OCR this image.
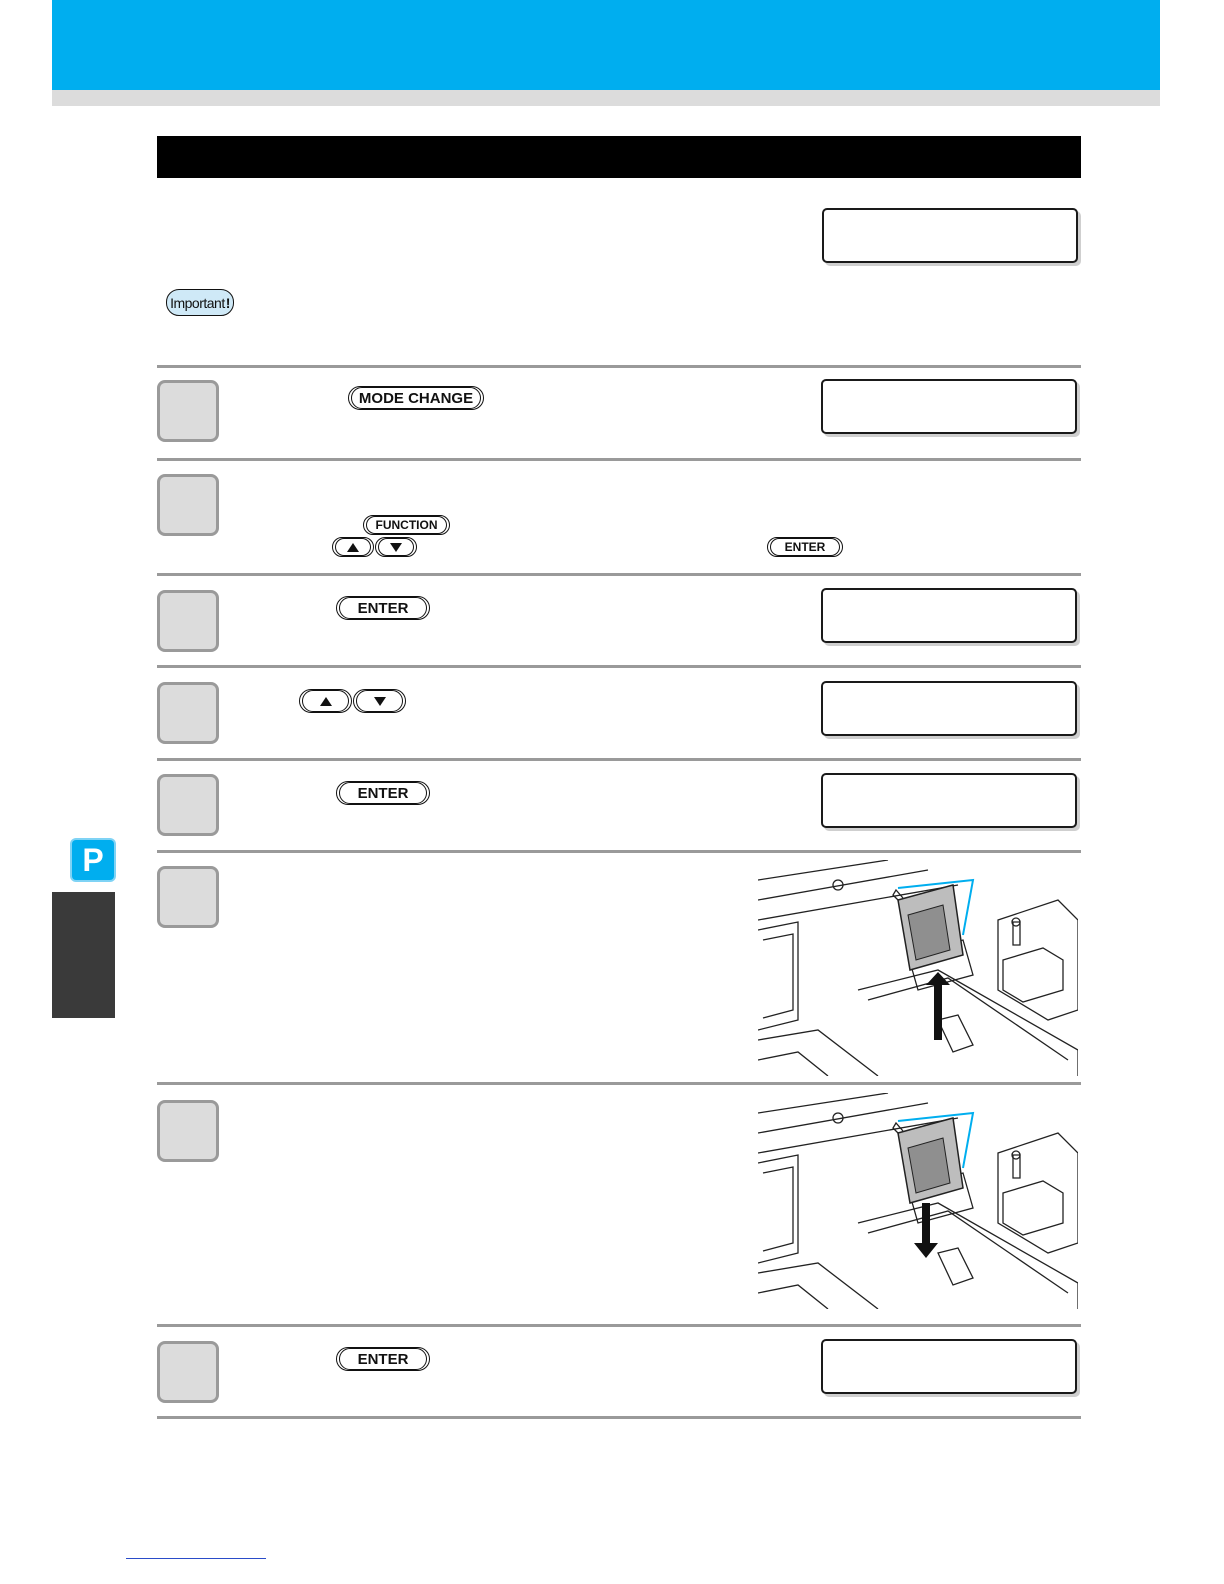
Important !
MODE CHANGE
FUNCTION
ENTER
ENTER
ENTER
ENTER
P
